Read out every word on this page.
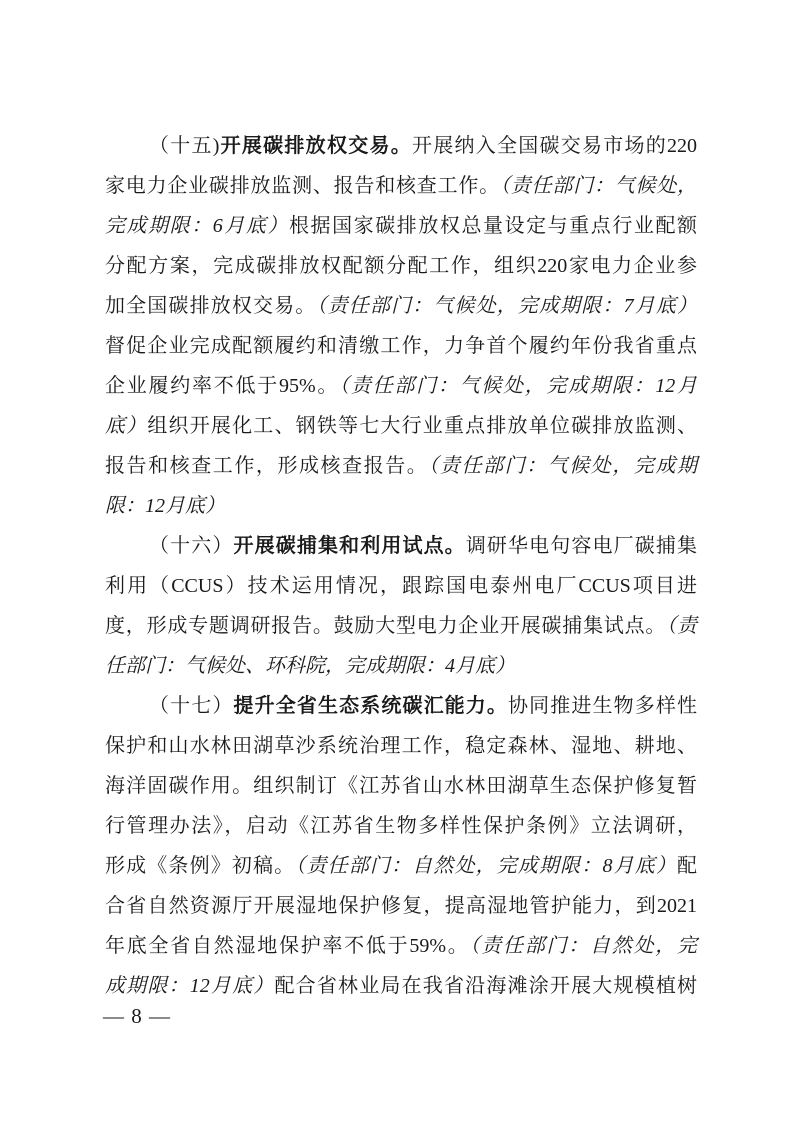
（十五)开展碳排放权交易。开展纳入全国碳交易市场的220
家电力企业碳排放监测、报告和核查工作。（责任部门：气候处，
完成期限：6月底）根据国家碳排放权总量设定与重点行业配额
分配方案，完成碳排放权配额分配工作，组织220家电力企业参
加全国碳排放权交易。（责任部门：气候处，完成期限：7月底）
督促企业完成配额履约和清缴工作，力争首个履约年份我省重点
企业履约率不低于95%。（责任部门：气候处，完成期限：12月
底）组织开展化工、钢铁等七大行业重点排放单位碳排放监测、
报告和核查工作，形成核查报告。（责任部门：气候处，完成期
限：12月底）
（十六）开展碳捕集和利用试点。调研华电句容电厂碳捕集
利用（CCUS）技术运用情况，跟踪国电泰州电厂CCUS项目进
度，形成专题调研报告。鼓励大型电力企业开展碳捕集试点。（责
任部门：气候处、环科院，完成期限：4月底）
（十七）提升全省生态系统碳汇能力。协同推进生物多样性
保护和山水林田湖草沙系统治理工作，稳定森林、湿地、耕地、
海洋固碳作用。组织制订《江苏省山水林田湖草生态保护修复暂
行管理办法》，启动《江苏省生物多样性保护条例》立法调研，
形成《条例》初稿。（责任部门：自然处，完成期限：8月底）配
合省自然资源厅开展湿地保护修复，提高湿地管护能力，到2021
年底全省自然湿地保护率不低于59%。（责任部门：自然处，完
成期限：12月底）配合省林业局在我省沿海滩涂开展大规模植树
— 8 —
